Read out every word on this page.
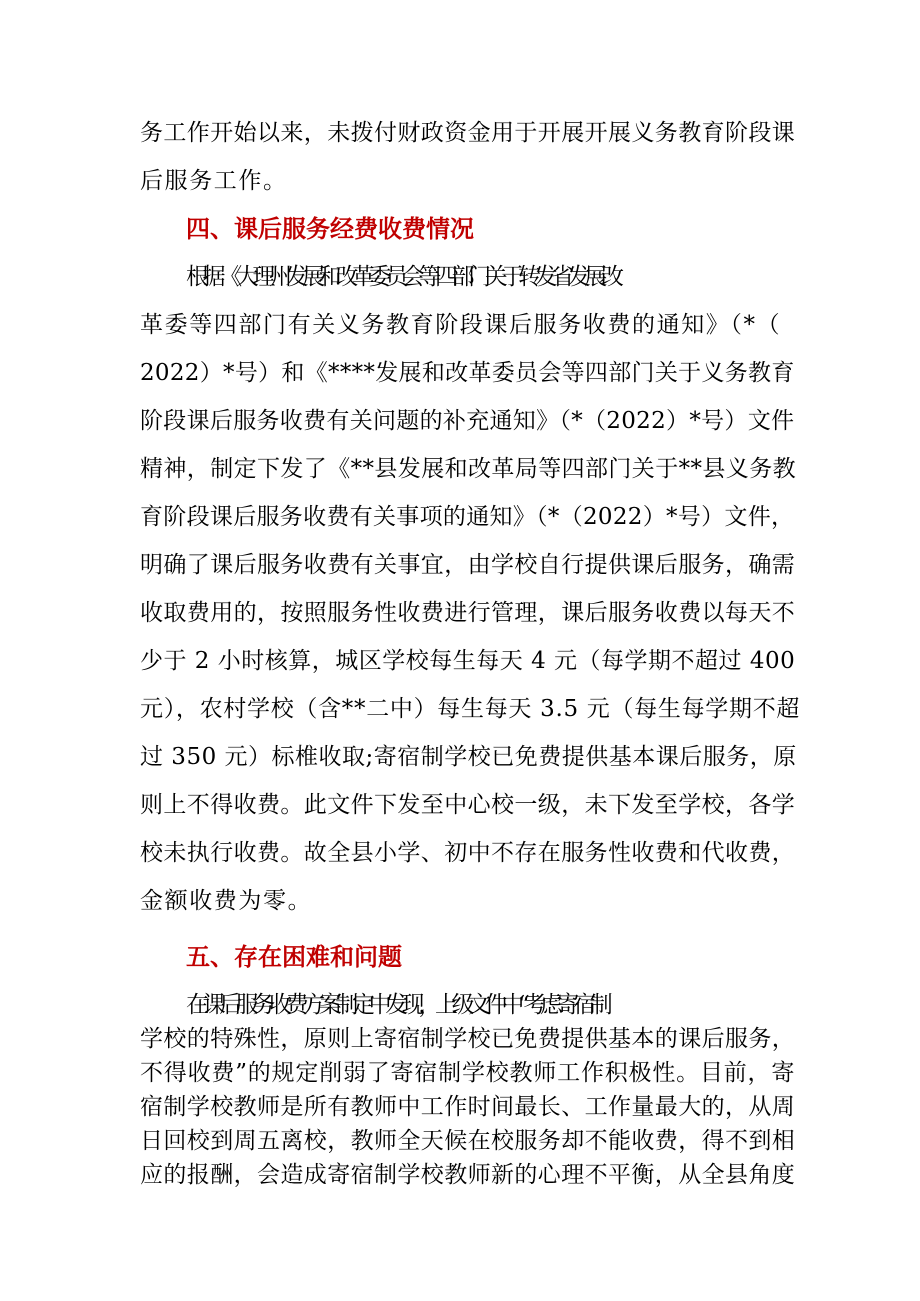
务工作开始以来，未拨付财政资金用于开展开展义务教育阶段课
后服务工作。
四、课后服务经费收费情况
根据《大理州发展和改革委员会等四部门关于转发省发展改
革委等四部门有关义务教育阶段课后服务收费的通知》（*（
2022）*号）和《****发展和改革委员会等四部门关于义务教育
阶段课后服务收费有关问题的补充通知》（*（2022）*号）文件
精神，制定下发了《**县发展和改革局等四部门关于**县义务教
育阶段课后服务收费有关事项的通知》（*（2022）*号）文件，
明确了课后服务收费有关事宜，由学校自行提供课后服务，确需
收取费用的，按照服务性收费进行管理，课后服务收费以每天不
少于 2 小时核算，城区学校每生每天 4 元（每学期不超过 400
元），农村学校（含**二中）每生每天 3.5 元（每生每学期不超
过 350 元）标椎收取;寄宿制学校已免费提供基本课后服务，原
则上不得收费。此文件下发至中心校一级，未下发至学校，各学
校未执行收费。故全县小学、初中不存在服务性收费和代收费，
金额收费为零。
五、存在困难和问题
在课后服务收费方案制定中发现，上级文件中“考虑寄宿制
学校的特殊性，原则上寄宿制学校已免费提供基本的课后服务，
不得收费”的规定削弱了寄宿制学校教师工作积极性。目前，寄
宿制学校教师是所有教师中工作时间最长、工作量最大的，从周
日回校到周五离校，教师全天候在校服务却不能收费，得不到相
应的报酬，会造成寄宿制学校教师新的心理不平衡，从全县角度
